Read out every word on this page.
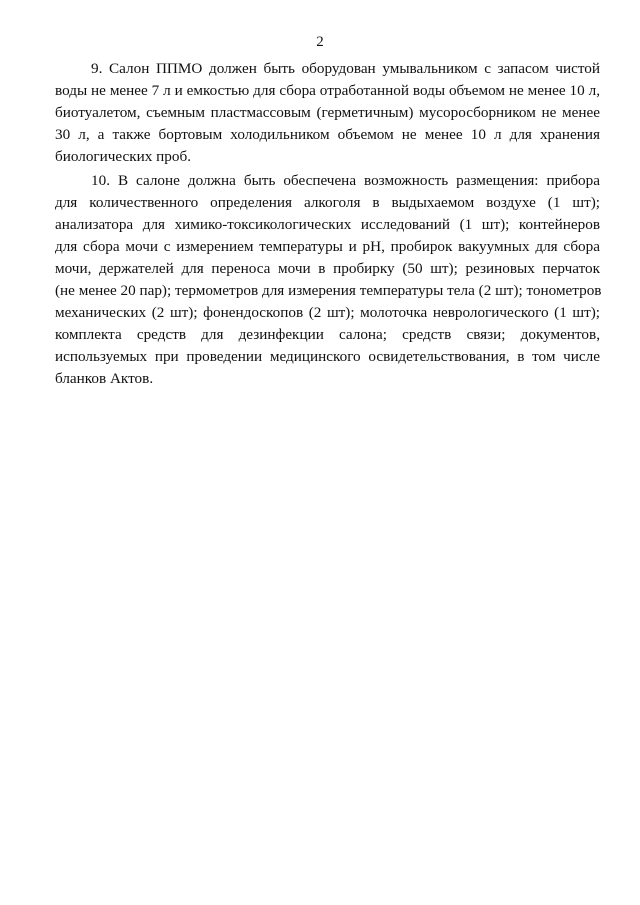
2

9. Салон ППМО должен быть оборудован умывальником с запасом чистой
воды не менее 7 л и емкостью для сбора отработанной воды объемом не менее 10 л,
биотуалетом, съемным пластмассовым (герметичным) мусоросборником не менее
30 л, а также бортовым холодильником объемом не менее 10 л для хранения
биологических проб.

10. В салоне должна быть обеспечена возможность размещения: прибора
для количественного определения алкоголя в выдыхаемом воздухе (1 шт);
анализатора для химико-токсикологических исследований (1 шт); контейнеров
для сбора мочи с измерением температуры и pH, пробирок вакуумных для сбора
мочи, держателей для переноса мочи в пробирку (50 шт); резиновых перчаток
(не менее 20 пар); термометров для измерения температуры тела (2 шт); тонометров
механических (2 шт); фонендоскопов (2 шт); молоточка неврологического (1 шт);
комплекта средств для дезинфекции салона; средств связи; документов,
используемых при проведении медицинского освидетельствования, в том числе
бланков Актов.
